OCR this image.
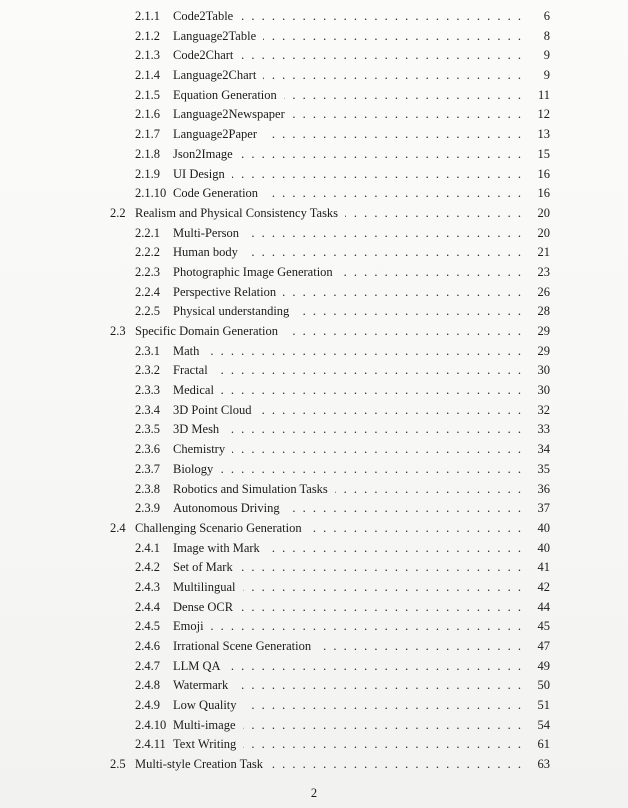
2.1.1	Code2Table . . .	6
2.1.2	Language2Table . . .	8
2.1.3	Code2Chart . . .	9
2.1.4	Language2Chart . . .	9
2.1.5	Equation Generation . . .	11
2.1.6	Language2Newspaper . . .	12
2.1.7	Language2Paper . . .	13
2.1.8	Json2Image . . .	15
2.1.9	UI Design . . .	16
2.1.10 Code Generation . . .	16
2.2 Realism and Physical Consistency Tasks . . .	20
2.2.1	Multi-Person . . .	20
2.2.2	Human body . . .	21
2.2.3	Photographic Image Generation . . .	23
2.2.4	Perspective Relation . . .	26
2.2.5	Physical understanding . . .	28
2.3 Specific Domain Generation . . .	29
2.3.1	Math . . .	29
2.3.2	Fractal . . .	30
2.3.3	Medical . . .	30
2.3.4	3D Point Cloud . . .	32
2.3.5	3D Mesh . . .	33
2.3.6	Chemistry . . .	34
2.3.7	Biology . . .	35
2.3.8	Robotics and Simulation Tasks . . .	36
2.3.9	Autonomous Driving . . .	37
2.4 Challenging Scenario Generation . . .	40
2.4.1	Image with Mark . . .	40
2.4.2	Set of Mark . . .	41
2.4.3	Multilingual . . .	42
2.4.4	Dense OCR . . .	44
2.4.5	Emoji . . .	45
2.4.6	Irrational Scene Generation . . .	47
2.4.7	LLM QA . . .	49
2.4.8	Watermark . . .	50
2.4.9	Low Quality . . .	51
2.4.10 Multi-image . . .	54
2.4.11 Text Writing . . .	61
2.5 Multi-style Creation Task . . .	63
2
